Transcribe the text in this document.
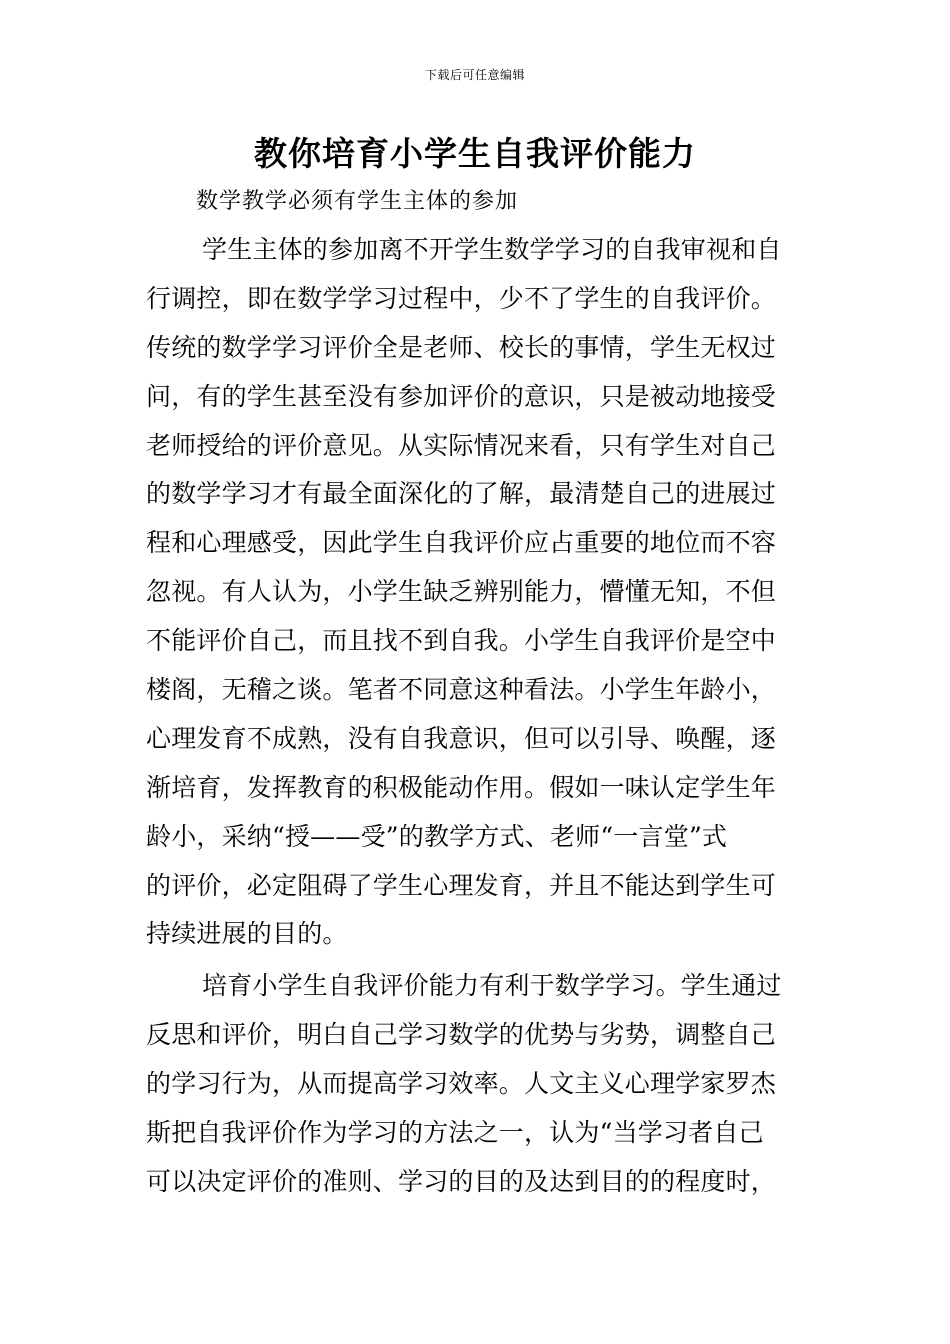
下载后可任意编辑
教你培育小学生自我评价能力

数学教学必须有学生主体的参加

学生主体的参加离不开学生数学学习的自我审视和自
行调控，即在数学学习过程中，少不了学生的自我评价。
传统的数学学习评价全是老师、校长的事情，学生无权过
问，有的学生甚至没有参加评价的意识，只是被动地接受
老师授给的评价意见。从实际情况来看，只有学生对自己
的数学学习才有最全面深化的了解，最清楚自己的进展过
程和心理感受，因此学生自我评价应占重要的地位而不容
忽视。有人认为，小学生缺乏辨别能力，懵懂无知，不但
不能评价自己，而且找不到自我。小学生自我评价是空中
楼阁，无稽之谈。笔者不同意这种看法。小学生年龄小，
心理发育不成熟，没有自我意识，但可以引导、唤醒，逐
渐培育，发挥教育的积极能动作用。假如一味认定学生年
龄小，采纳“授——受”的教学方式、老师“一言堂”式
的评价，必定阻碍了学生心理发育，并且不能达到学生可
持续进展的目的。
培育小学生自我评价能力有利于数学学习。学生通过
反思和评价，明白自己学习数学的优势与劣势，调整自己
的学习行为，从而提高学习效率。人文主义心理学家罗杰
斯把自我评价作为学习的方法之一，认为“当学习者自己
可以决定评价的准则、学习的目的及达到目的的程度时，
